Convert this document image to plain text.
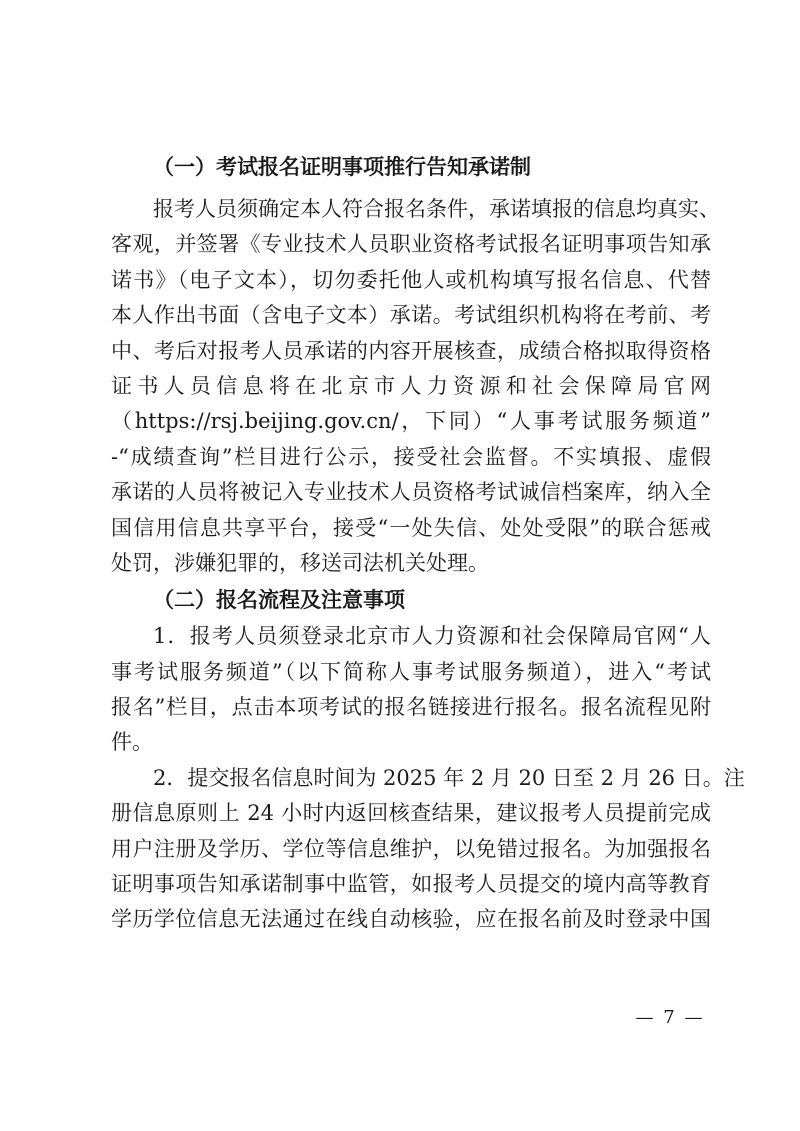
（一）考试报名证明事项推行告知承诺制
报考人员须确定本人符合报名条件，承诺填报的信息均真实、
客观，并签署《专业技术人员职业资格考试报名证明事项告知承
诺书》（电子文本），切勿委托他人或机构填写报名信息、代替
本人作出书面（含电子文本）承诺。考试组织机构将在考前、考
中、考后对报考人员承诺的内容开展核查，成绩合格拟取得资格
证书人员信息将在北京市人力资源和社会保障局官网
（https://rsj.beijing.gov.cn/，下同）“人事考试服务频道”
-“成绩查询”栏目进行公示，接受社会监督。不实填报、虚假
承诺的人员将被记入专业技术人员资格考试诚信档案库，纳入全
国信用信息共享平台，接受“一处失信、处处受限”的联合惩戒
处罚，涉嫌犯罪的，移送司法机关处理。
（二）报名流程及注意事项
1．报考人员须登录北京市人力资源和社会保障局官网“人
事考试服务频道”（以下简称人事考试服务频道），进入“考试
报名”栏目，点击本项考试的报名链接进行报名。报名流程见附
件。
2．提交报名信息时间为 2025 年 2 月 20 日至 2 月 26 日。注
册信息原则上 24 小时内返回核查结果，建议报考人员提前完成
用户注册及学历、学位等信息维护，以免错过报名。为加强报名
证明事项告知承诺制事中监管，如报考人员提交的境内高等教育
学历学位信息无法通过在线自动核验，应在报名前及时登录中国
— 7 —
